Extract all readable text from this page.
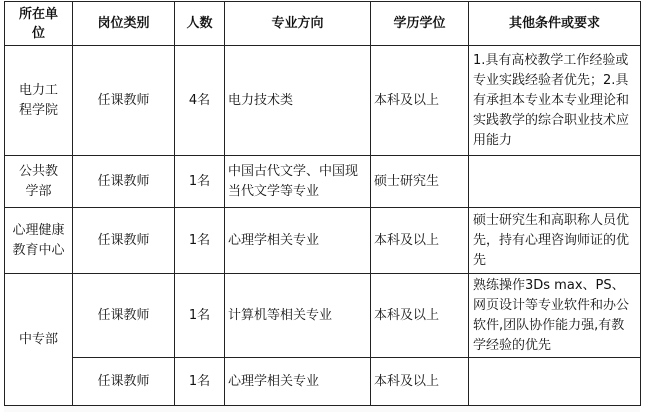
所在单位	岗位类别	人数	专业方向	学历学位	其他条件或要求
电力工程学院	任课教师	4名	电力技术类	本科及以上	1.具有高校教学工作经验或专业实践经验者优先；2.具有承担本专业本专业理论和实践教学的综合职业技术应用能力
公共教学部	任课教师	1名	中国古代文学、中国现当代文学等专业	硕士研究生	
心理健康教育中心	任课教师	1名	心理学相关专业	本科及以上	硕士研究生和高职称人员优先，持有心理咨询师证的优先
中专部	任课教师	1名	计算机等相关专业	本科及以上	熟练操作3Ds max、PS、网页设计等专业软件和办公软件,团队协作能力强,有教学经验的优先
	任课教师	1名	心理学相关专业	本科及以上	
